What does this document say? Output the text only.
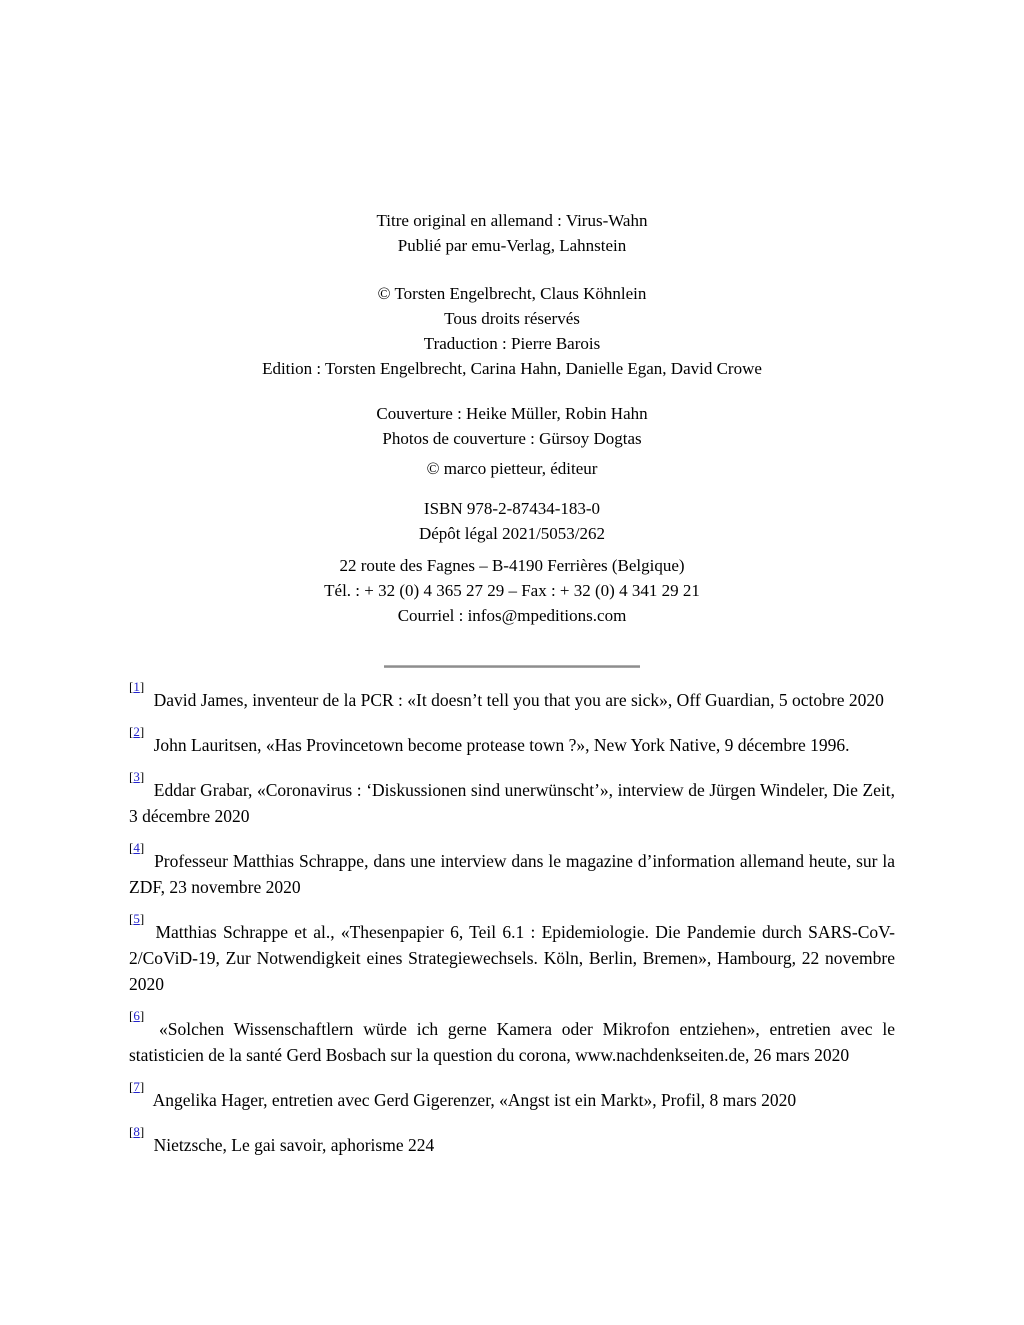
Titre original en allemand : Virus-Wahn
Publié par emu-Verlag, Lahnstein

© Torsten Engelbrecht, Claus Köhnlein
Tous droits réservés
Traduction : Pierre Barois
Edition : Torsten Engelbrecht, Carina Hahn, Danielle Egan, David Crowe

Couverture : Heike Müller, Robin Hahn
Photos de couverture : Gürsoy Dogtas

© marco pietteur, éditeur

ISBN 978-2-87434-183-0
Dépôt légal 2021/5053/262

22 route des Fagnes – B-4190 Ferrières (Belgique)
Tél. : + 32 (0) 4 365 27 29 – Fax : + 32 (0) 4 341 29 21
Courriel : infos@mpeditions.com

[1] David James, inventeur de la PCR : «It doesn’t tell you that you are sick», Off Guardian, 5 octobre 2020

[2] John Lauritsen, «Has Provincetown become protease town ?», New York Native, 9 décembre 1996.

[3] Eddar Grabar, «Coronavirus : ‘Diskussionen sind unerwünscht’», interview de Jürgen Windeler, Die Zeit, 3 décembre 2020

[4] Professeur Matthias Schrappe, dans une interview dans le magazine d’information allemand heute, sur la ZDF, 23 novembre 2020

[5] Matthias Schrappe et al., «Thesenpapier 6, Teil 6.1 : Epidemiologie. Die Pandemie durch SARS-CoV-2/CoViD-19, Zur Notwendigkeit eines Strategiewechsels. Köln, Berlin, Bremen», Hambourg, 22 novembre 2020

[6] «Solchen Wissenschaftlern würde ich gerne Kamera oder Mikrofon entziehen», entretien avec le statisticien de la santé Gerd Bosbach sur la question du corona, www.nachdenkseiten.de, 26 mars 2020

[7] Angelika Hager, entretien avec Gerd Gigerenzer, «Angst ist ein Markt», Profil, 8 mars 2020

[8] Nietzsche, Le gai savoir, aphorisme 224
